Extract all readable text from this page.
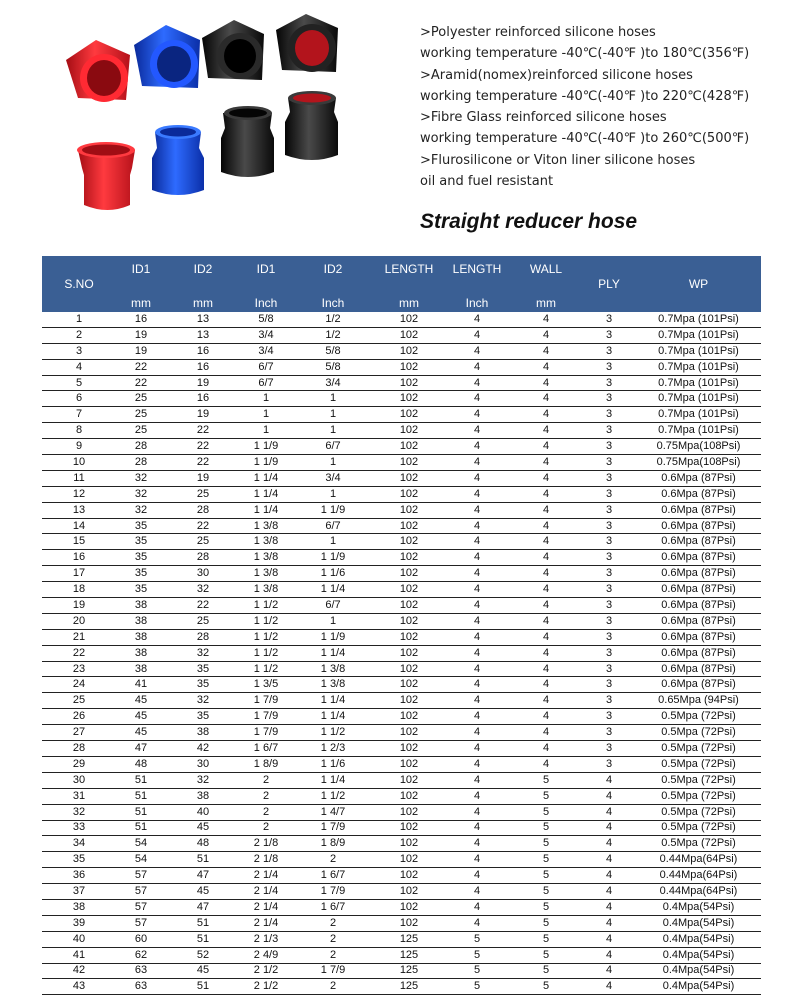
>Polyester reinforced silicone hoses
working temperature -40℃(-40℉ )to 180℃(356℉)
>Aramid(nomex)reinforced silicone hoses
working temperature -40℃(-40℉ )to 220℃(428℉)
>Fibre Glass reinforced silicone hoses
working temperature -40℃(-40℉ )to 260℃(500℉)
>Flurosilicone or Viton liner silicone hoses
oil and fuel resistant
Straight reducer hose
S.NO	ID1	ID2	ID1	ID2	LENGTH	LENGTH	WALL	PLY	WP
	mm	mm	Inch	Inch	mm	Inch	mm		
1	16	13	5/8	1/2	102	4	4	3	0.7Mpa (101Psi)
2	19	13	3/4	1/2	102	4	4	3	0.7Mpa (101Psi)
3	19	16	3/4	5/8	102	4	4	3	0.7Mpa (101Psi)
4	22	16	6/7	5/8	102	4	4	3	0.7Mpa (101Psi)
5	22	19	6/7	3/4	102	4	4	3	0.7Mpa (101Psi)
6	25	16	1	1	102	4	4	3	0.7Mpa (101Psi)
7	25	19	1	1	102	4	4	3	0.7Mpa (101Psi)
8	25	22	1	1	102	4	4	3	0.7Mpa (101Psi)
9	28	22	1 1/9	6/7	102	4	4	3	0.75Mpa(108Psi)
10	28	22	1 1/9	1	102	4	4	3	0.75Mpa(108Psi)
11	32	19	1 1/4	3/4	102	4	4	3	0.6Mpa (87Psi)
12	32	25	1 1/4	1	102	4	4	3	0.6Mpa (87Psi)
13	32	28	1 1/4	1 1/9	102	4	4	3	0.6Mpa (87Psi)
14	35	22	1 3/8	6/7	102	4	4	3	0.6Mpa (87Psi)
15	35	25	1 3/8	1	102	4	4	3	0.6Mpa (87Psi)
16	35	28	1 3/8	1 1/9	102	4	4	3	0.6Mpa (87Psi)
17	35	30	1 3/8	1 1/6	102	4	4	3	0.6Mpa (87Psi)
18	35	32	1 3/8	1 1/4	102	4	4	3	0.6Mpa (87Psi)
19	38	22	1 1/2	6/7	102	4	4	3	0.6Mpa (87Psi)
20	38	25	1 1/2	1	102	4	4	3	0.6Mpa (87Psi)
21	38	28	1 1/2	1 1/9	102	4	4	3	0.6Mpa (87Psi)
22	38	32	1 1/2	1 1/4	102	4	4	3	0.6Mpa (87Psi)
23	38	35	1 1/2	1 3/8	102	4	4	3	0.6Mpa (87Psi)
24	41	35	1 3/5	1 3/8	102	4	4	3	0.6Mpa (87Psi)
25	45	32	1 7/9	1 1/4	102	4	4	3	0.65Mpa (94Psi)
26	45	35	1 7/9	1 1/4	102	4	4	3	0.5Mpa (72Psi)
27	45	38	1 7/9	1 1/2	102	4	4	3	0.5Mpa (72Psi)
28	47	42	1 6/7	1 2/3	102	4	4	3	0.5Mpa (72Psi)
29	48	30	1 8/9	1 1/6	102	4	4	3	0.5Mpa (72Psi)
30	51	32	2	1 1/4	102	4	5	4	0.5Mpa (72Psi)
31	51	38	2	1 1/2	102	4	5	4	0.5Mpa (72Psi)
32	51	40	2	1 4/7	102	4	5	4	0.5Mpa (72Psi)
33	51	45	2	1 7/9	102	4	5	4	0.5Mpa (72Psi)
34	54	48	2 1/8	1 8/9	102	4	5	4	0.5Mpa (72Psi)
35	54	51	2 1/8	2	102	4	5	4	0.44Mpa(64Psi)
36	57	47	2 1/4	1 6/7	102	4	5	4	0.44Mpa(64Psi)
37	57	45	2 1/4	1 7/9	102	4	5	4	0.44Mpa(64Psi)
38	57	47	2 1/4	1 6/7	102	4	5	4	0.4Mpa(54Psi)
39	57	51	2 1/4	2	102	4	5	4	0.4Mpa(54Psi)
40	60	51	2 1/3	2	125	5	5	4	0.4Mpa(54Psi)
41	62	52	2 4/9	2	125	5	5	4	0.4Mpa(54Psi)
42	63	45	2 1/2	1 7/9	125	5	5	4	0.4Mpa(54Psi)
43	63	51	2 1/2	2	125	5	5	4	0.4Mpa(54Psi)
